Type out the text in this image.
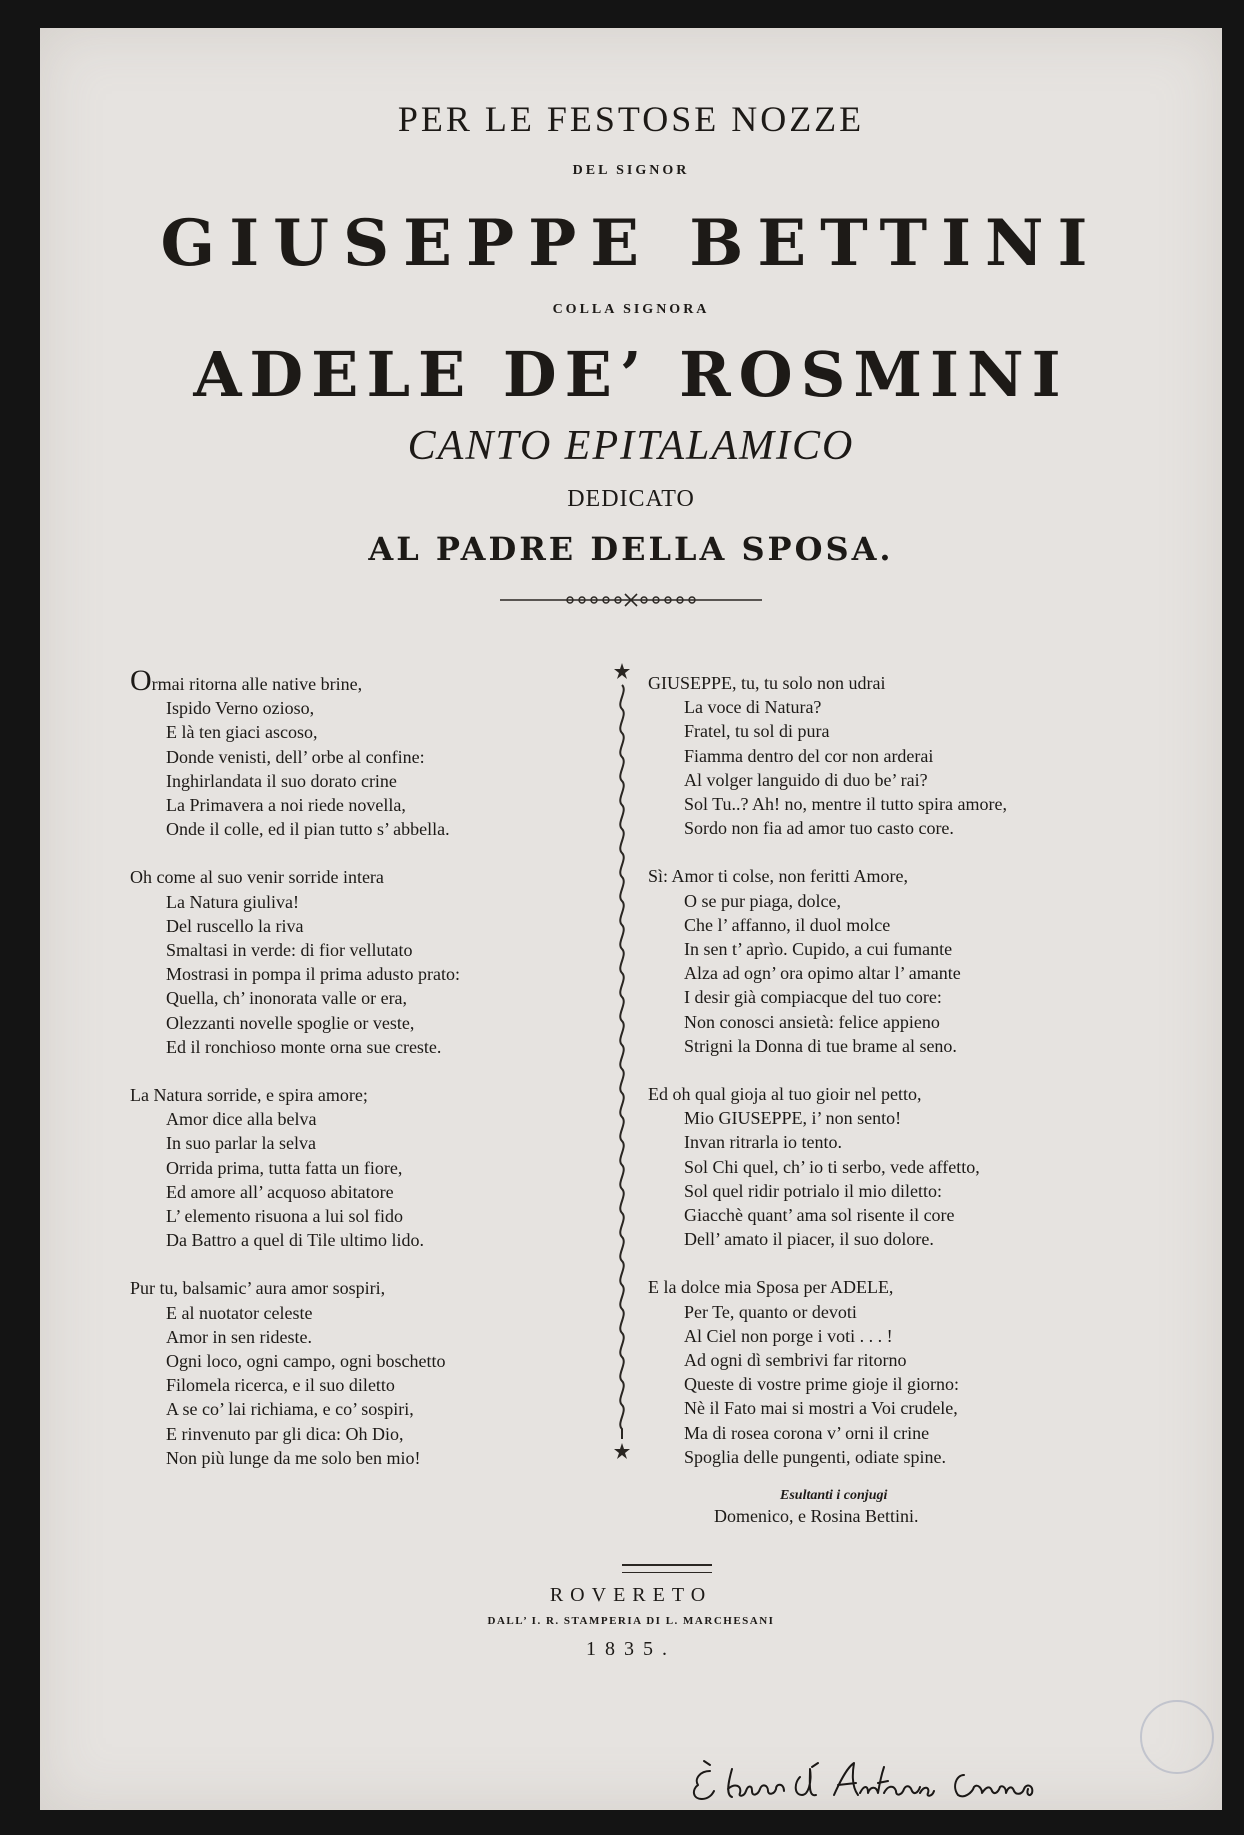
PER LE FESTOSE NOZZE
DEL SIGNOR
GIUSEPPE BETTINI
COLLA SIGNORA
ADELE DE’ ROSMINI
CANTO EPITALAMICO
DEDICATO
AL PADRE DELLA SPOSA.
Ormai ritorna alle native brine,
Ispido Verno ozioso,
E là ten giaci ascoso,
Donde venisti, dell’ orbe al confine:
Inghirlandata il suo dorato crine
La Primavera a noi riede novella,
Onde il colle, ed il pian tutto s’ abbella.
Oh come al suo venir sorride intera
La Natura giuliva!
Del ruscello la riva
Smaltasi in verde: di fior vellutato
Mostrasi in pompa il prima adusto prato:
Quella, ch’ inonorata valle or era,
Olezzanti novelle spoglie or veste,
Ed il ronchioso monte orna sue creste.
La Natura sorride, e spira amore;
Amor dice alla belva
In suo parlar la selva
Orrida prima, tutta fatta un fiore,
Ed amore all’ acquoso abitatore
L’ elemento risuona a lui sol fido
Da Battro a quel di Tile ultimo lido.
Pur tu, balsamic’ aura amor sospiri,
E al nuotator celeste
Amor in sen rideste.
Ogni loco, ogni campo, ogni boschetto
Filomela ricerca, e il suo diletto
A se co’ lai richiama, e co’ sospiri,
E rinvenuto par gli dica: Oh Dio,
Non più lunge da me solo ben mio!
GIUSEPPE, tu, tu solo non udrai
La voce di Natura?
Fratel, tu sol di pura
Fiamma dentro del cor non arderai
Al volger languido di duo be’ rai?
Sol Tu..? Ah! no, mentre il tutto spira amore,
Sordo non fia ad amor tuo casto core.
Sì: Amor ti colse, non feritti Amore,
O se pur piaga, dolce,
Che l’ affanno, il duol molce
In sen t’ aprìo. Cupido, a cui fumante
Alza ad ogn’ ora opimo altar l’ amante
I desir già compiacque del tuo core:
Non conosci ansietà: felice appieno
Strigni la Donna di tue brame al seno.
Ed oh qual gioja al tuo gioir nel petto,
Mio GIUSEPPE, i’ non sento!
Invan ritrarla io tento.
Sol Chi quel, ch’ io ti serbo, vede affetto,
Sol quel ridir potrialo il mio diletto:
Giacchè quant’ ama sol risente il core
Dell’ amato il piacer, il suo dolore.
E la dolce mia Sposa per ADELE,
Per Te, quanto or devoti
Al Ciel non porge i voti . . . !
Ad ogni dì sembrivi far ritorno
Queste di vostre prime gioje il giorno:
Nè il Fato mai si mostri a Voi crudele,
Ma di rosea corona v’ orni il crine
Spoglia delle pungenti, odiate spine.
Esultanti i conjugi
Domenico, e Rosina Bettini.
ROVERETO
DALL’ I. R. STAMPERIA DI L. MARCHESANI
1835.
